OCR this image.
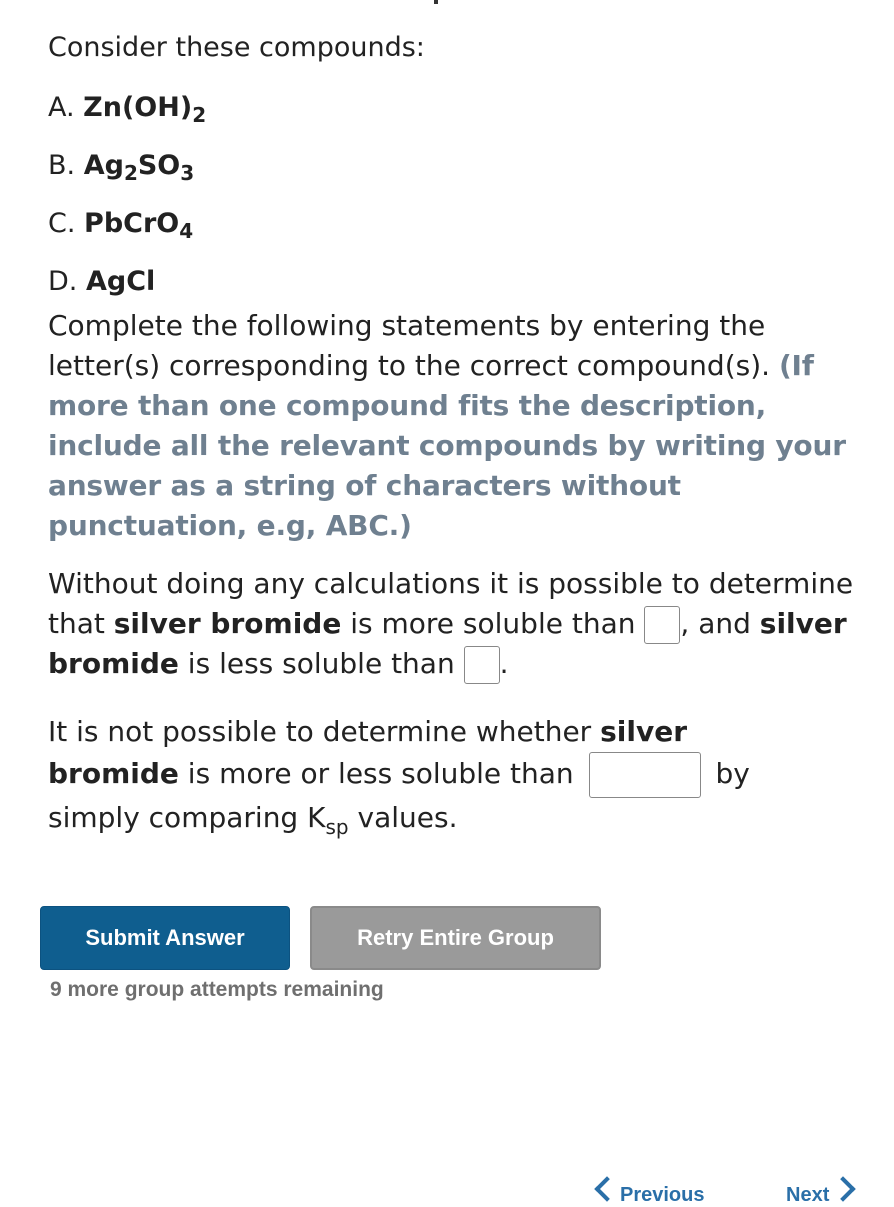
Consider these compounds:

A. $Zn(OH)_2$
B. $Ag_2SO_3$
C. PbCrO$_4$
D. AgCl

Complete the following statements by entering the letter(s) corresponding to the correct compound(s). (If more than one compound fits the description, include all the relevant compounds by writing your answer as a string of characters without punctuation, e.g, ABC.)

Without doing any calculations it is possible to determine that silver bromide is more soluble than , and silver bromide is less soluble than .

It is not possible to determine whether silver bromide is more or less soluble than	by simply comparing $K_{sp}$ values.

Submit Answer	Retry Entire Group

9 more group attempts remaining

Previous	Next
